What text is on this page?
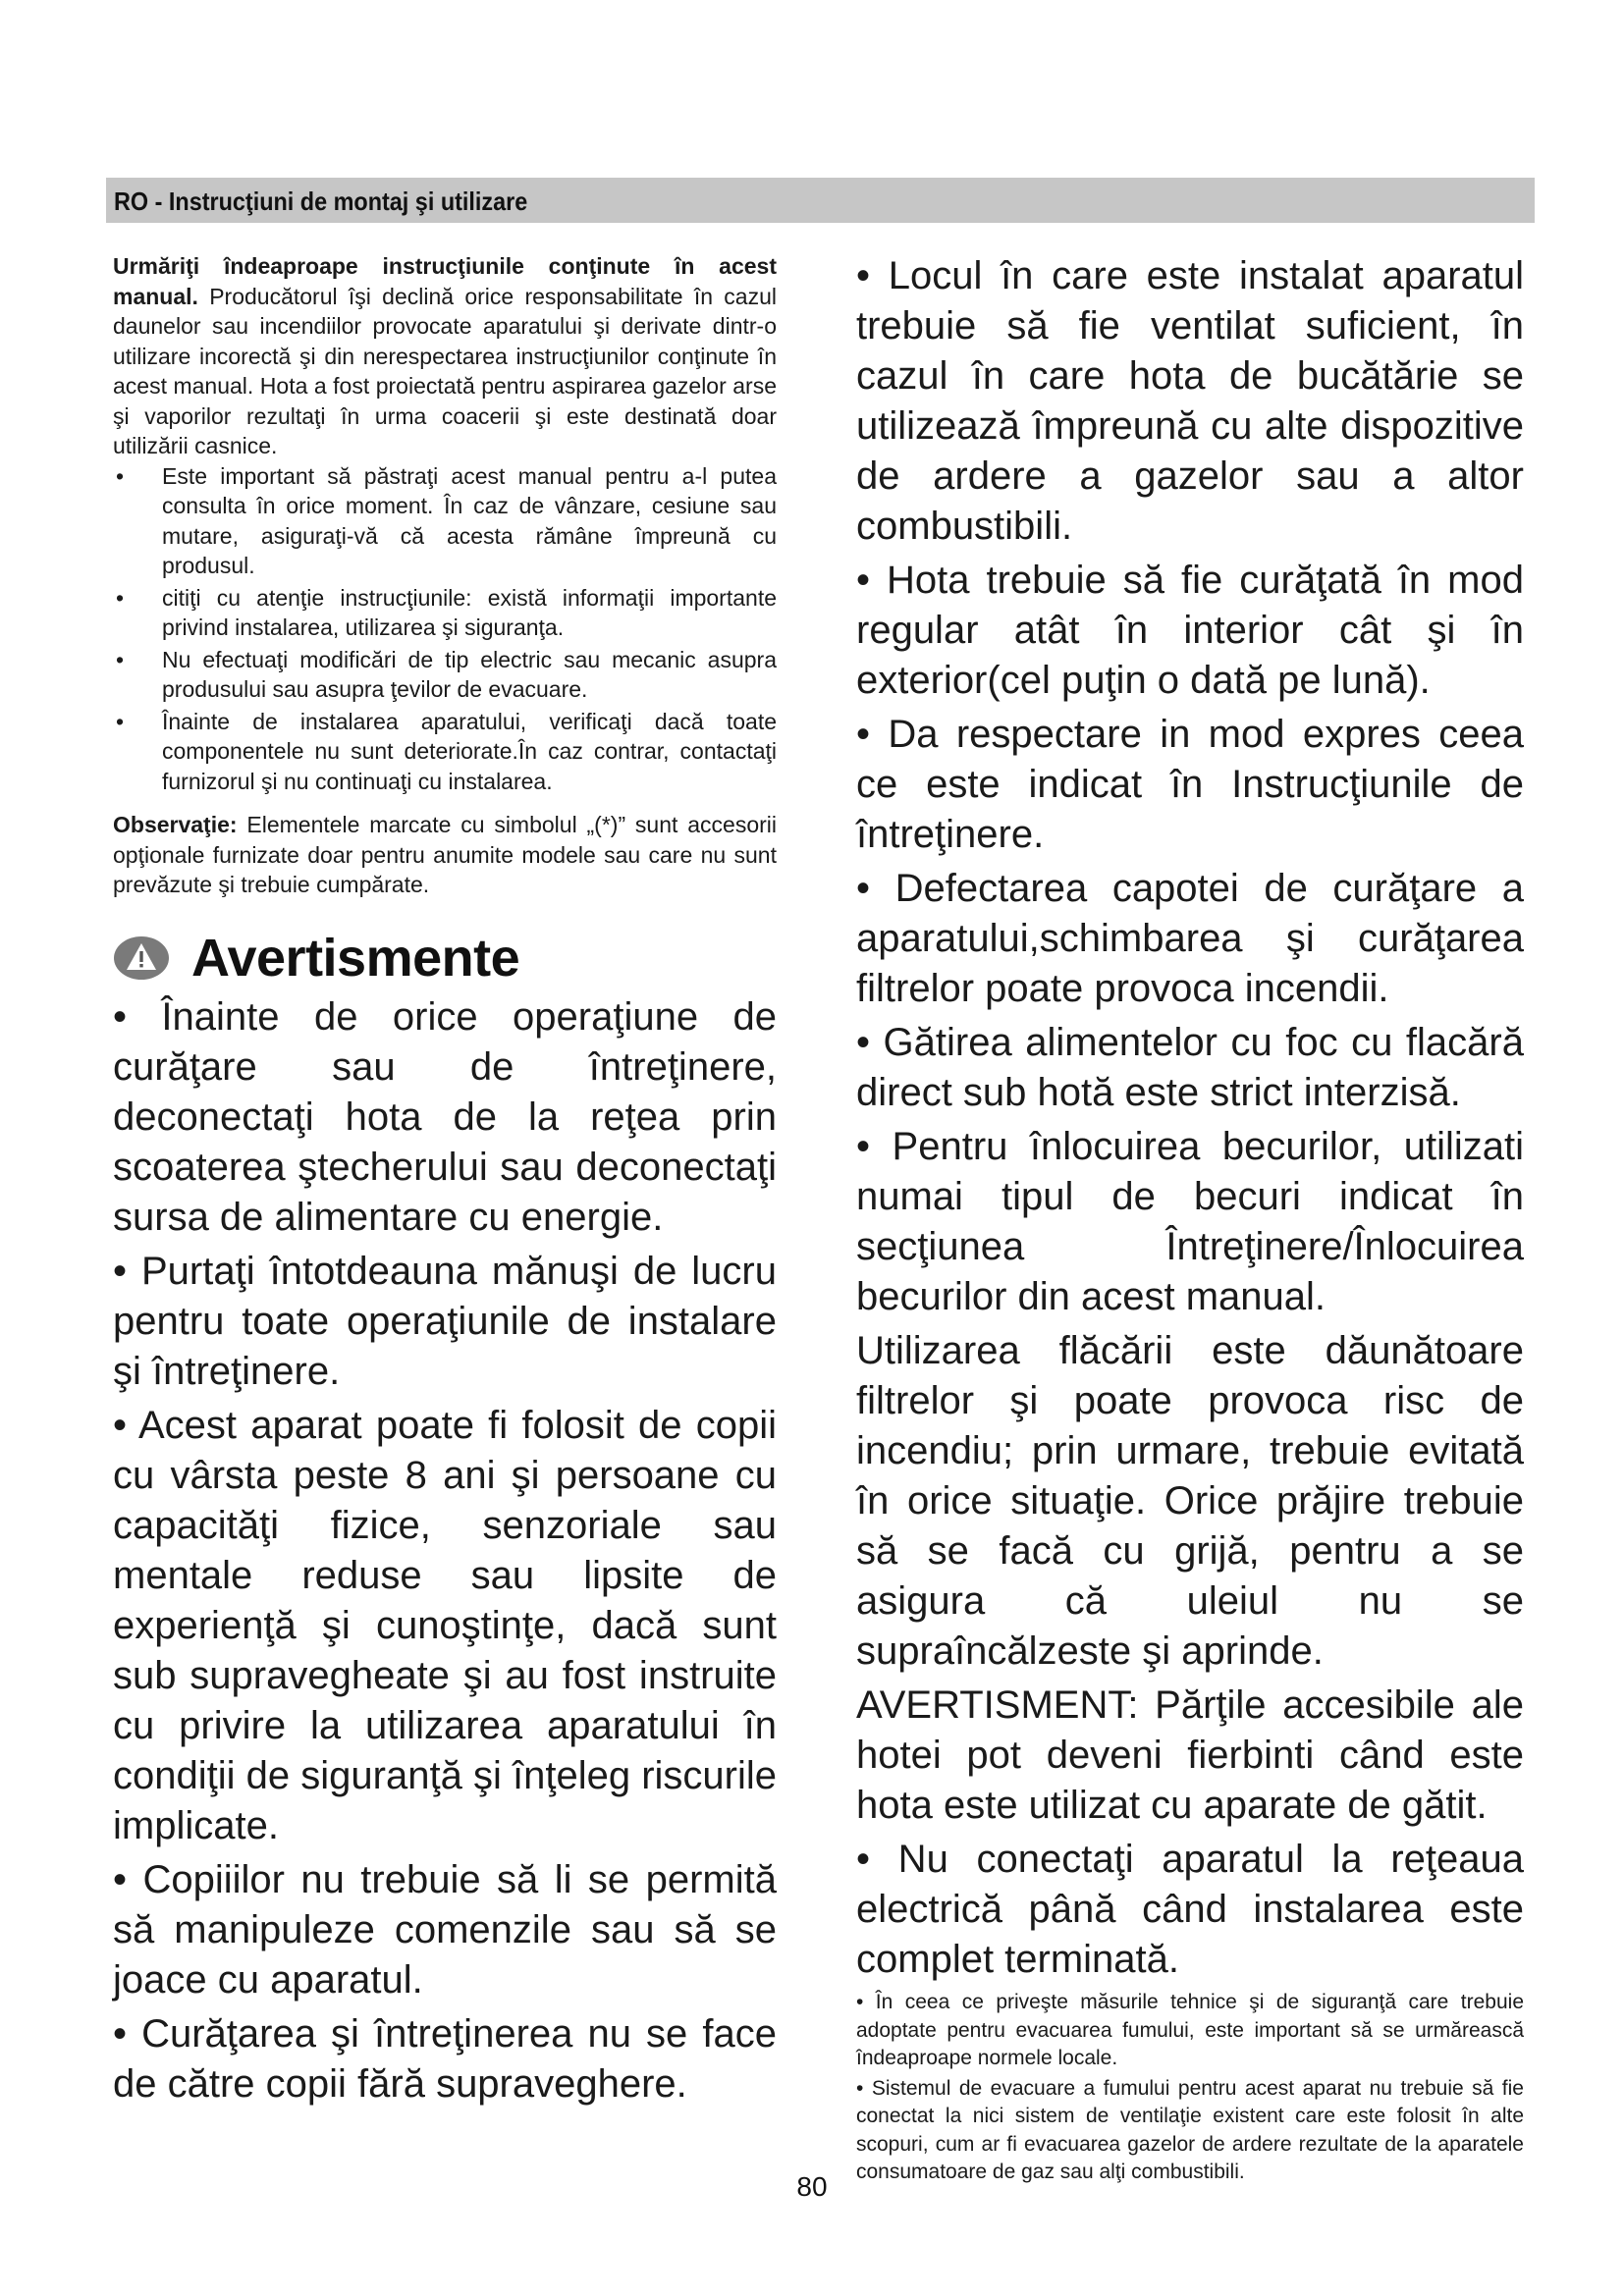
RO - Instrucţiuni de montaj şi utilizare

Urmăriţi îndeaproape instrucţiunile conţinute în acest manual. Producătorul îşi declină orice responsabilitate în cazul daunelor sau incendiilor provocate aparatului şi derivate dintr-o utilizare incorectă şi din nerespectarea instrucţiunilor conţinute în acest manual. Hota a fost proiectată pentru aspirarea gazelor arse şi vaporilor rezultaţi în urma coacerii şi este destinată doar utilizării casnice.

• Este important să păstraţi acest manual pentru a-l putea consulta în orice moment. În caz de vânzare, cesiune sau mutare, asiguraţi-vă că acesta rămâne împreună cu produsul.
• citiţi cu atenţie instrucţiunile: există informaţii importante privind instalarea, utilizarea şi siguranţa.
• Nu efectuaţi modificări de tip electric sau mecanic asupra produsului sau asupra ţevilor de evacuare.
• Înainte de instalarea aparatului, verificaţi dacă toate componentele nu sunt deteriorate.În caz contrar, contactaţi furnizorul şi nu continuaţi cu instalarea.

Observaţie: Elementele marcate cu simbolul „(*)” sunt accesorii opţionale furnizate doar pentru anumite modele sau care nu sunt prevăzute şi trebuie cumpărate.

Avertismente

• Înainte de orice operaţiune de curăţare sau de întreţinere, deconectaţi hota de la reţea prin scoaterea ştecherului sau deconectaţi sursa de alimentare cu energie.

• Purtaţi întotdeauna mănuşi de lucru pentru toate operaţiunile de instalare şi întreţinere.

• Acest aparat poate fi folosit de copii cu vârsta peste 8 ani şi persoane cu capacităţi fizice, senzoriale sau mentale reduse sau lipsite de experienţă şi cunoştinţe, dacă sunt sub supravegheate şi au fost instruite cu privire la utilizarea aparatului în condiţii de siguranţă şi înţeleg riscurile implicate.

• Copiiilor nu trebuie să li se permită să manipuleze comenzile sau să se joace cu aparatul.

• Curăţarea şi întreţinerea nu se face de către copii fără supraveghere.

• Locul în care este instalat aparatul trebuie să fie ventilat suficient, în cazul în care hota de bucătărie se utilizează împreună cu alte dispozitive de ardere a gazelor sau a altor combustibili.

• Hota trebuie să fie curăţată în mod regular atât în interior cât şi în exterior(cel puţin o dată pe lună).

• Da respectare in mod expres ceea ce este indicat în Instrucţiunile de întreţinere.

• Defectarea capotei de curăţare a aparatului,schimbarea şi curăţarea filtrelor poate provoca incendii.

• Gătirea alimentelor cu foc cu flacără direct sub hotă este strict interzisă.

• Pentru înlocuirea becurilor, utilizati numai tipul de becuri indicat în secţiunea Întreţinere/Înlocuirea becurilor din acest manual.

Utilizarea flăcării este dăunătoare filtrelor şi poate provoca risc de incendiu; prin urmare, trebuie evitată în orice situaţie. Orice prăjire trebuie să se facă cu grijă, pentru a se asigura că uleiul nu se supraîncălzeste şi aprinde.

AVERTISMENT: Părţile accesibile ale hotei pot deveni fierbinti când este hota este utilizat cu aparate de gătit.

• Nu conectaţi aparatul la reţeaua electrică până când instalarea este complet terminată.

• În ceea ce priveşte măsurile tehnice şi de siguranţă care trebuie adoptate pentru evacuarea fumului, este important să se urmărească îndeaproape normele locale.

• Sistemul de evacuare a fumului pentru acest aparat nu trebuie să fie conectat la nici sistem de ventilaţie existent care este folosit în alte scopuri, cum ar fi evacuarea gazelor de ardere rezultate de la aparatele consumatoare de gaz sau alţi combustibili.

80
